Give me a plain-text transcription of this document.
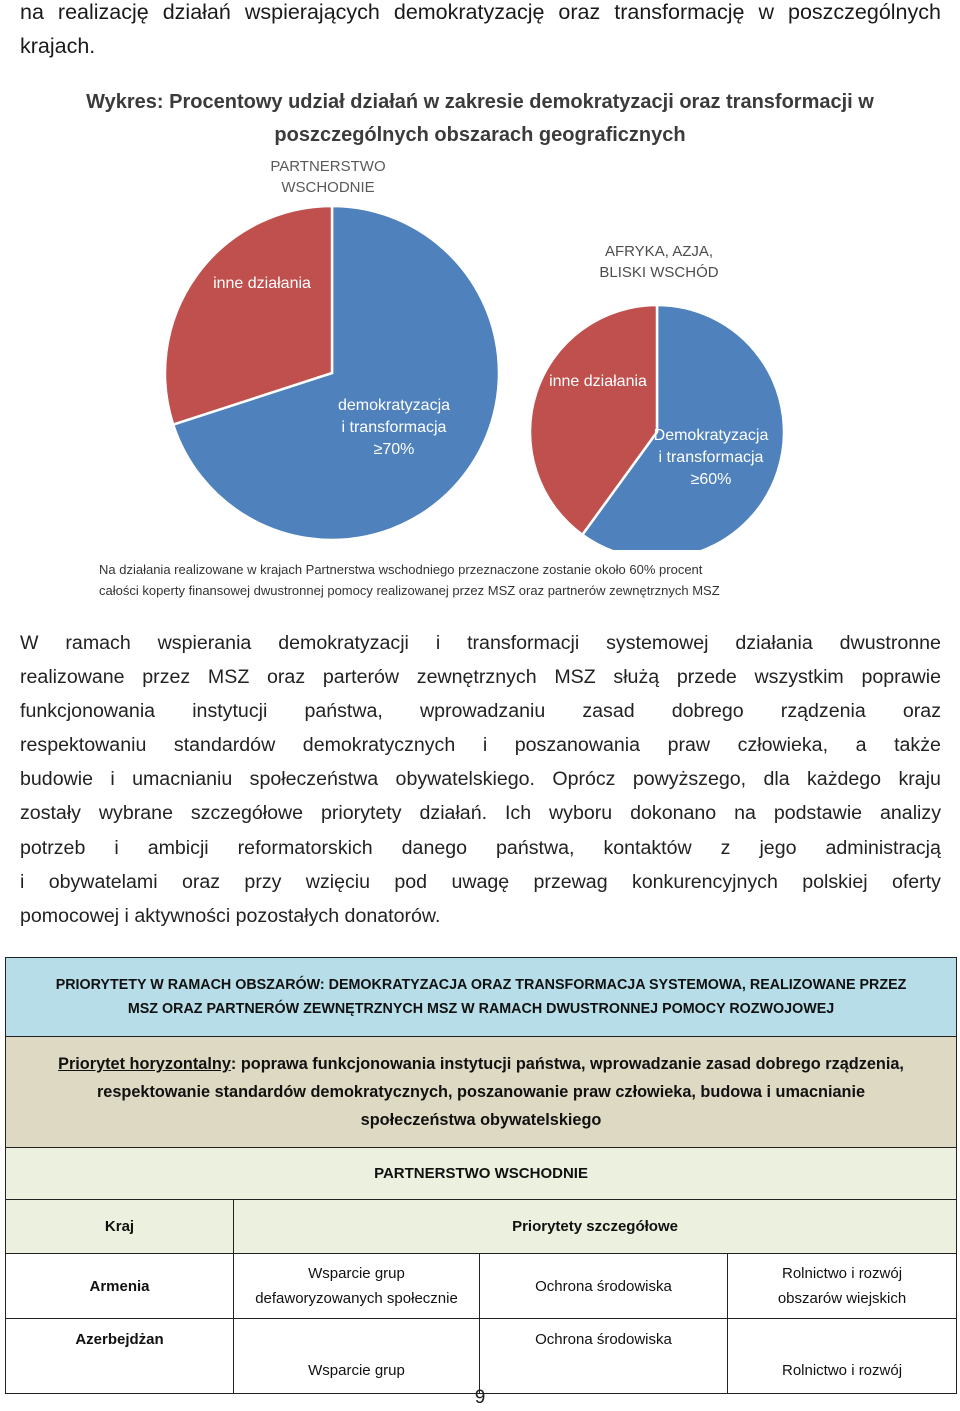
na realizację działań wspierających demokratyzację oraz transformację w poszczególnych
krajach.
Wykres: Procentowy udział działań w zakresie demokratyzacji oraz transformacji w
poszczególnych obszarach geograficznych
demokratyzacja i transformacja ≥70%
inne działania
PARTNERSTWO WSCHODNIE
Demokratyzacja i transformacja ≥60%
inne działania
AFRYKA, AZJA, BLISKI WSCHÓD
Na działania realizowane w krajach Partnerstwa wschodniego przeznaczone zostanie około 60% procent
całości koperty finansowej dwustronnej pomocy realizowanej przez MSZ oraz partnerów zewnętrznych MSZ
W ramach wspierania demokratyzacji i transformacji systemowej działania dwustronne
realizowane przez MSZ oraz parterów zewnętrznych MSZ służą przede wszystkim poprawie
funkcjonowania instytucji państwa, wprowadzaniu zasad dobrego rządzenia oraz
respektowaniu standardów demokratycznych i poszanowania praw człowieka, a także
budowie i umacnianiu społeczeństwa obywatelskiego. Oprócz powyższego, dla każdego kraju
zostały wybrane szczegółowe priorytety działań. Ich wyboru dokonano na podstawie analizy
potrzeb i ambicji reformatorskich danego państwa, kontaktów z jego administracją
i obywatelami oraz przy wzięciu pod uwagę przewag konkurencyjnych polskiej oferty
pomocowej i aktywności pozostałych donatorów.
PRIORYTETY W RAMACH OBSZARÓW: DEMOKRATYZACJA ORAZ TRANSFORMACJA SYSTEMOWA, REALIZOWANE PRZEZ
MSZ ORAZ PARTNERÓW ZEWNĘTRZNYCH MSZ W RAMACH DWUSTRONNEJ POMOCY ROZWOJOWEJ			

Priorytet horyzontalny: poprawa funkcjonowania instytucji państwa, wprowadzanie zasad dobrego rządzenia, respektowanie standardów demokratycznych, poszanowanie praw człowieka, budowa i umacnianie społeczeństwa obywatelskiego			
PARTNERSTWO WSCHODNIE			
Kraj	Priorytety szczegółowe		
Armenia	Wsparcie grup defaworyzowanych społecznie	Ochrona środowiska	Rolnictwo i rozwój obszarów wiejskich
Azerbejdżan	Wsparcie grup	Ochrona środowiska	Rolnictwo i rozwój
9
